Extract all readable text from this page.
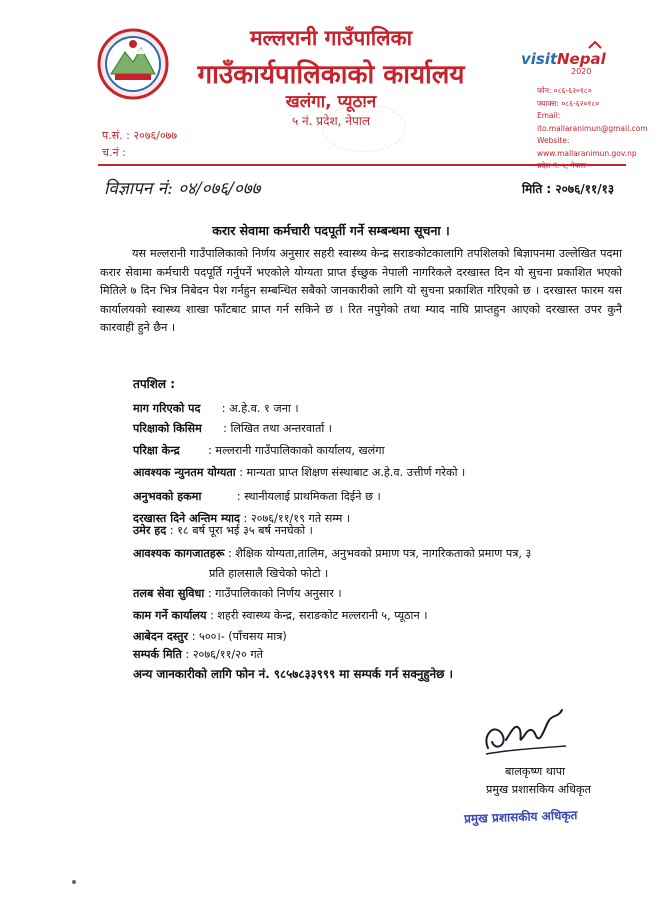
मल्लरानी गाउँपालिका
गाउँकार्यपालिकाको कार्यालय
खलंगा, प्यूठान
५ नं. प्रदेश, नेपाल
visit Nepal
2020
फोन: ०८६-६२०१८०
फ्याक्स: ०८६-६२०१८०
Email: ito.mallaranimun@gmail.com
Website: www.mallaranimun.gov.np
प.सं. : २०७६/०७७
च.नं :
विज्ञापन नं: ०४/०७६/०७७	मिति : २०७६/११/१३
करार सेवामा कर्मचारी पदपूर्ती गर्ने सम्बन्धमा सूचना ।
यस मल्लरानी गाउँपालिकाको निर्णय अनुसार सहरी स्वास्थ्य केन्द्र सराङकोटकालागि तपशिलको बिज्ञापनमा उल्लेखित पदमा करार सेवामा कर्मचारी पदपूर्ति गर्नुपर्ने भएकोले योग्यता प्राप्त ईच्छुक नेपाली नागरिकले दरखास्त दिन यो सुचना प्रकाशित भएको मितिले ७ दिन भित्र निबेदन पेश गर्नहुन सम्बन्धित सबैको जानकारीको लागि यो सुचना प्रकाशित गरिएको छ । दरखास्त फारम यस कार्यालयको स्वास्थ्य शाखा फाँटबाट प्राप्त गर्न सकिने छ । रित नपुगेको तथा म्याद नाघि प्राप्तहुन आएको दरखास्त उपर कुनै कारवाही हुने छैन ।
तपशिल :
माग गरिएको पद : अ.हे.व. १ जना ।
परिक्षाको किसिम : लिखित तथा अन्तरवार्ता ।
परिक्षा केन्द्र	: मल्लरानी गाउँपालिकाको कार्यालय, खलंगा
आवश्यक न्युनतम योग्यता : मान्यता प्राप्त शिक्षण संस्थाबाट अ.हे.व. उत्तीर्ण गरेको ।
अनुभवको हकमा	: स्थानीयलाई प्राथमिकता दिईने छ ।
दरखास्त दिने अन्तिम म्याद : २०७६/११/१९ गते सम्म ।
उमेर हद : १८ बर्ष पूरा भई ३५ बर्ष ननघेको ।
आवश्यक कागजातहरू : शैक्षिक योग्यता,तालिम, अनुभवको प्रमाण पत्र, नागरिकताको प्रमाण पत्र, ३
प्रति हालसालै खिचेको फोटो ।
तलब सेवा सुविधा : गाउँपालिकाको निर्णय अनुसार ।
काम गर्ने कार्यालय : शहरी स्वास्थ्य केन्द्र, सराङकोट मल्लरानी ५, प्यूठान ।
आबेदन दस्तुर : ५००।- (पाँचसय मात्र)
सम्पर्क मिति : २०७६/११/२० गते
अन्य जानकारीको लागि फोन नं. ९८५७८३३९९९ मा सम्पर्क गर्न सक्नुहुनेछ ।
बालकृष्ण थापा
प्रमुख प्रशासकिय अधिकृत
प्रमुख प्रशासकीय अधिकृत
